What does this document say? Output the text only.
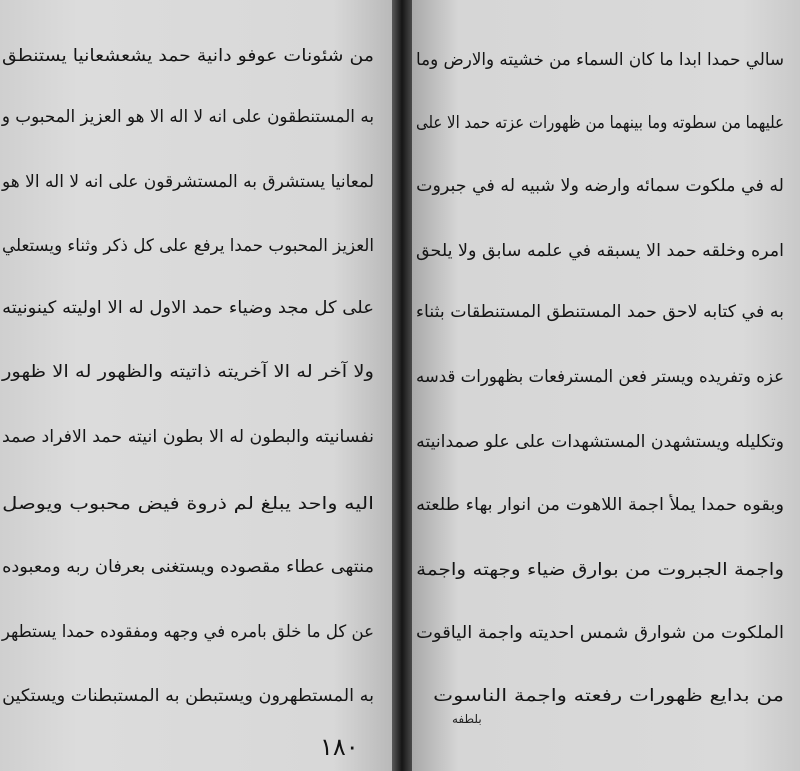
من شئونات عوفو دانية حمد يشعشعانيا يستنطق
به المستنطقون على انه لا اله الا هو العزيز المحبوب و
لمعانيا يستشرق به المستشرقون على انه لا اله الا هو
العزيز المحبوب حمدا يرفع على كل ذكر وثناء ويستعلي
على كل مجد وضياء حمد الاول له الا اوليته كينونيته
ولا آخر له الا آخريته ذاتيته والظهور له الا ظهور
نفسانيته والبطون له الا بطون انيته حمد الافراد صمد
اليه واحد يبلغ لم ذروة فيض محبوب ويوصل
منتهى عطاء مقصوده ويستغنى بعرفان ربه ومعبوده
عن كل ما خلق بامره في وجهه ومفقوده حمدا يستطهر
به المستطهرون ويستبطن به المستبطنات ويستكين
١٨٠
سالي حمدا ابدا ما كان السماء من خشيته والارض وما
عليهما من سطوته وما بينهما من ظهورات عزته حمد الا على
له في ملكوت سمائه وارضه ولا شبيه له في جبروت
امره وخلقه حمد الا يسبقه في علمه سابق ولا يلحق
به في كتابه لاحق حمد المستنطق المستنطقات بثناء
عزه وتفريده ويستر فعن المسترفعات بظهورات قدسه
وتكليله ويستشهدن المستشهدات على علو صمدانيته
وبقوه حمدا يملأ اجمة اللاهوت من انوار بهاء طلعته
واجمة الجبروت من بوارق ضياء وجهته واجمة
الملكوت من شوارق شمس احديته واجمة الياقوت
من بدايع ظهورات رفعته واجمة الناسوت
بلطفه
